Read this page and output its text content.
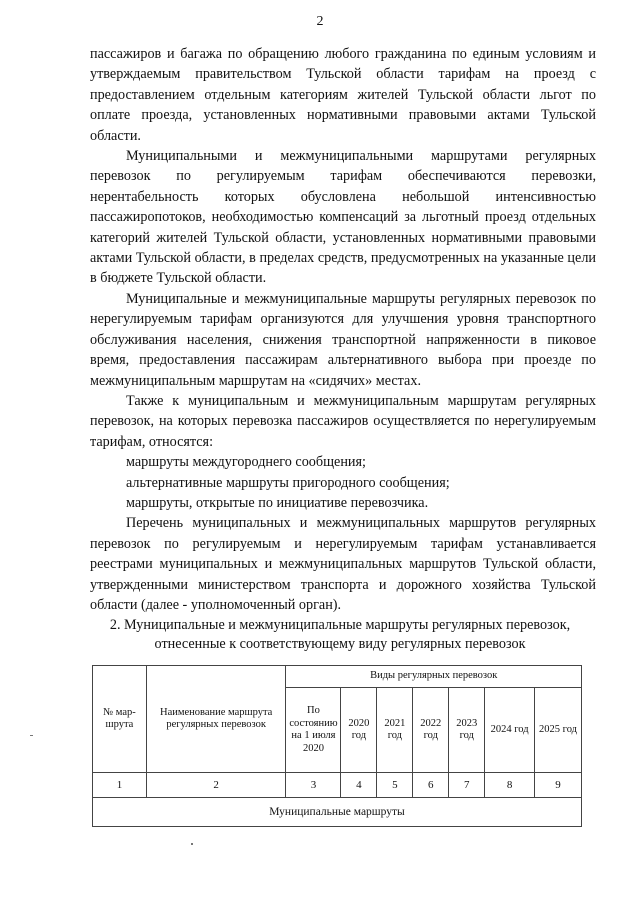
2

пассажиров и багажа по обращению любого гражданина по единым условиям и утверждаемым правительством Тульской области тарифам на проезд с предоставлением отдельным категориям жителей Тульской области льгот по оплате проезда, установленных нормативными правовыми актами Тульской области.

Муниципальными и межмуниципальными маршрутами регулярных перевозок по регулируемым тарифам обеспечиваются перевозки, нерентабельность которых обусловлена небольшой интенсивностью пассажиропотоков, необходимостью компенсаций за льготный проезд отдельных категорий жителей Тульской области, установленных нормативными правовыми актами Тульской области, в пределах средств, предусмотренных на указанные цели в бюджете Тульской области.

Муниципальные и межмуниципальные маршруты регулярных перевозок по нерегулируемым тарифам организуются для улучшения уровня транспортного обслуживания населения, снижения транспортной напряженности в пиковое время, предоставления пассажирам альтернативного выбора при проезде по межмуниципальным маршрутам на «сидячих» местах.

Также к муниципальным и межмуниципальным маршрутам регулярных перевозок, на которых перевозка пассажиров осуществляется по нерегулируемым тарифам, относятся:

маршруты междугороднего сообщения;

альтернативные маршруты пригородного сообщения;

маршруты, открытые по инициативе перевозчика.

Перечень муниципальных и межмуниципальных маршрутов регулярных перевозок по регулируемым и нерегулируемым тарифам устанавливается реестрами муниципальных и межмуниципальных маршрутов Тульской области, утвержденными министерством транспорта и дорожного хозяйства Тульской области (далее - уполномоченный орган).

2. Муниципальные и межмуниципальные маршруты регулярных перевозок,
отнесенные к соответствующему виду регулярных перевозок
№ мар-шрута	Наименование маршрута регулярных перевозок	Виды регулярных перевозок						
		По состоянию на 1 июля 2020	2020 год	2021 год	2022 год	2023 год	2024 год	2025 год
1	2	3	4	5	6	7	8	9
Муниципальные маршруты								
